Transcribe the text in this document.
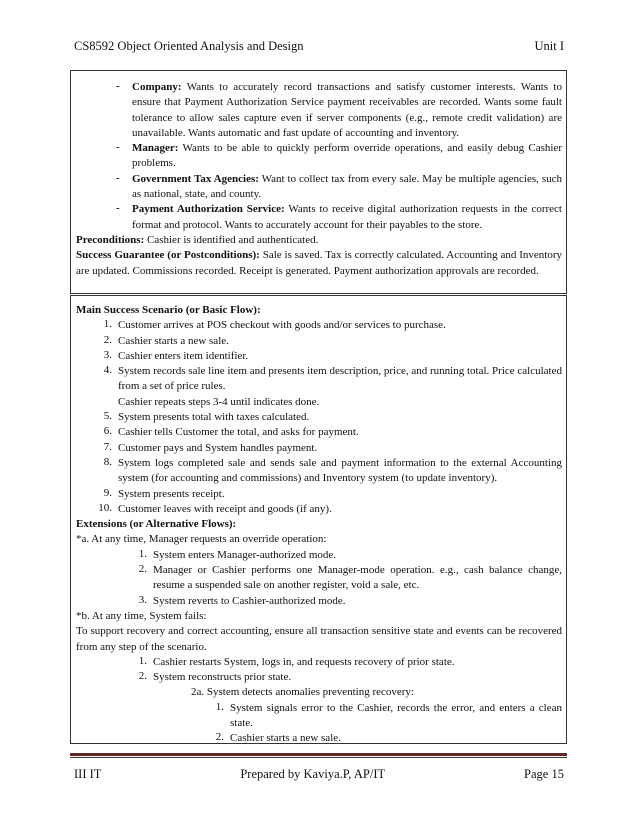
CS8592 Object Oriented Analysis and Design	Unit I
-	Company: Wants to accurately record transactions and satisfy customer interests. Wants to ensure that Payment Authorization Service payment receivables are recorded. Wants some fault tolerance to allow sales capture even if server components (e.g., remote credit validation) are unavailable. Wants automatic and fast update of accounting and inventory.
-	Manager: Wants to be able to quickly perform override operations, and easily debug Cashier problems.
-	Government Tax Agencies: Want to collect tax from every sale. May be multiple agencies, such as national, state, and county.
-	Payment Authorization Service: Wants to receive digital authorization requests in the correct format and protocol. Wants to accurately account for their payables to the store.

Preconditions: Cashier is identified and authenticated.

Success Guarantee (or Postconditions): Sale is saved. Tax is correctly calculated. Accounting and Inventory are updated. Commissions recorded. Receipt is generated. Payment authorization approvals are recorded.

Main Success Scenario (or Basic Flow):

1. Customer arrives at POS checkout with goods and/or services to purchase.
2. Cashier starts a new sale.
3. Cashier enters item identifier.
4. System records sale line item and presents item description, price, and running total. Price calculated from a set of price rules.

Cashier repeats steps 3-4 until indicates done.

5. System presents total with taxes calculated.
6. Cashier tells Customer the total, and asks for payment.
7. Customer pays and System handles payment.
8. System logs completed sale and sends sale and payment information to the external Accounting system (for accounting and commissions) and Inventory system (to update inventory).
9. System presents receipt.
10. Customer leaves with receipt and goods (if any).

Extensions (or Alternative Flows):

*a. At any time, Manager requests an override operation:

1. System enters Manager-authorized mode.
2. Manager or Cashier performs one Manager-mode operation. e.g., cash balance change, resume a suspended sale on another register, void a sale, etc.
3. System reverts to Cashier-authorized mode.

*b. At any time, System fails:

To support recovery and correct accounting, ensure all transaction sensitive state and events can be recovered from any step of the scenario.

1. Cashier restarts System, logs in, and requests recovery of prior state.
2. System reconstructs prior state.

2a. System detects anomalies preventing recovery:

1. System signals error to the Cashier, records the error, and enters a clean state.
2. Cashier starts a new sale.
III IT	Prepared by Kaviya.P, AP/IT	Page 15
